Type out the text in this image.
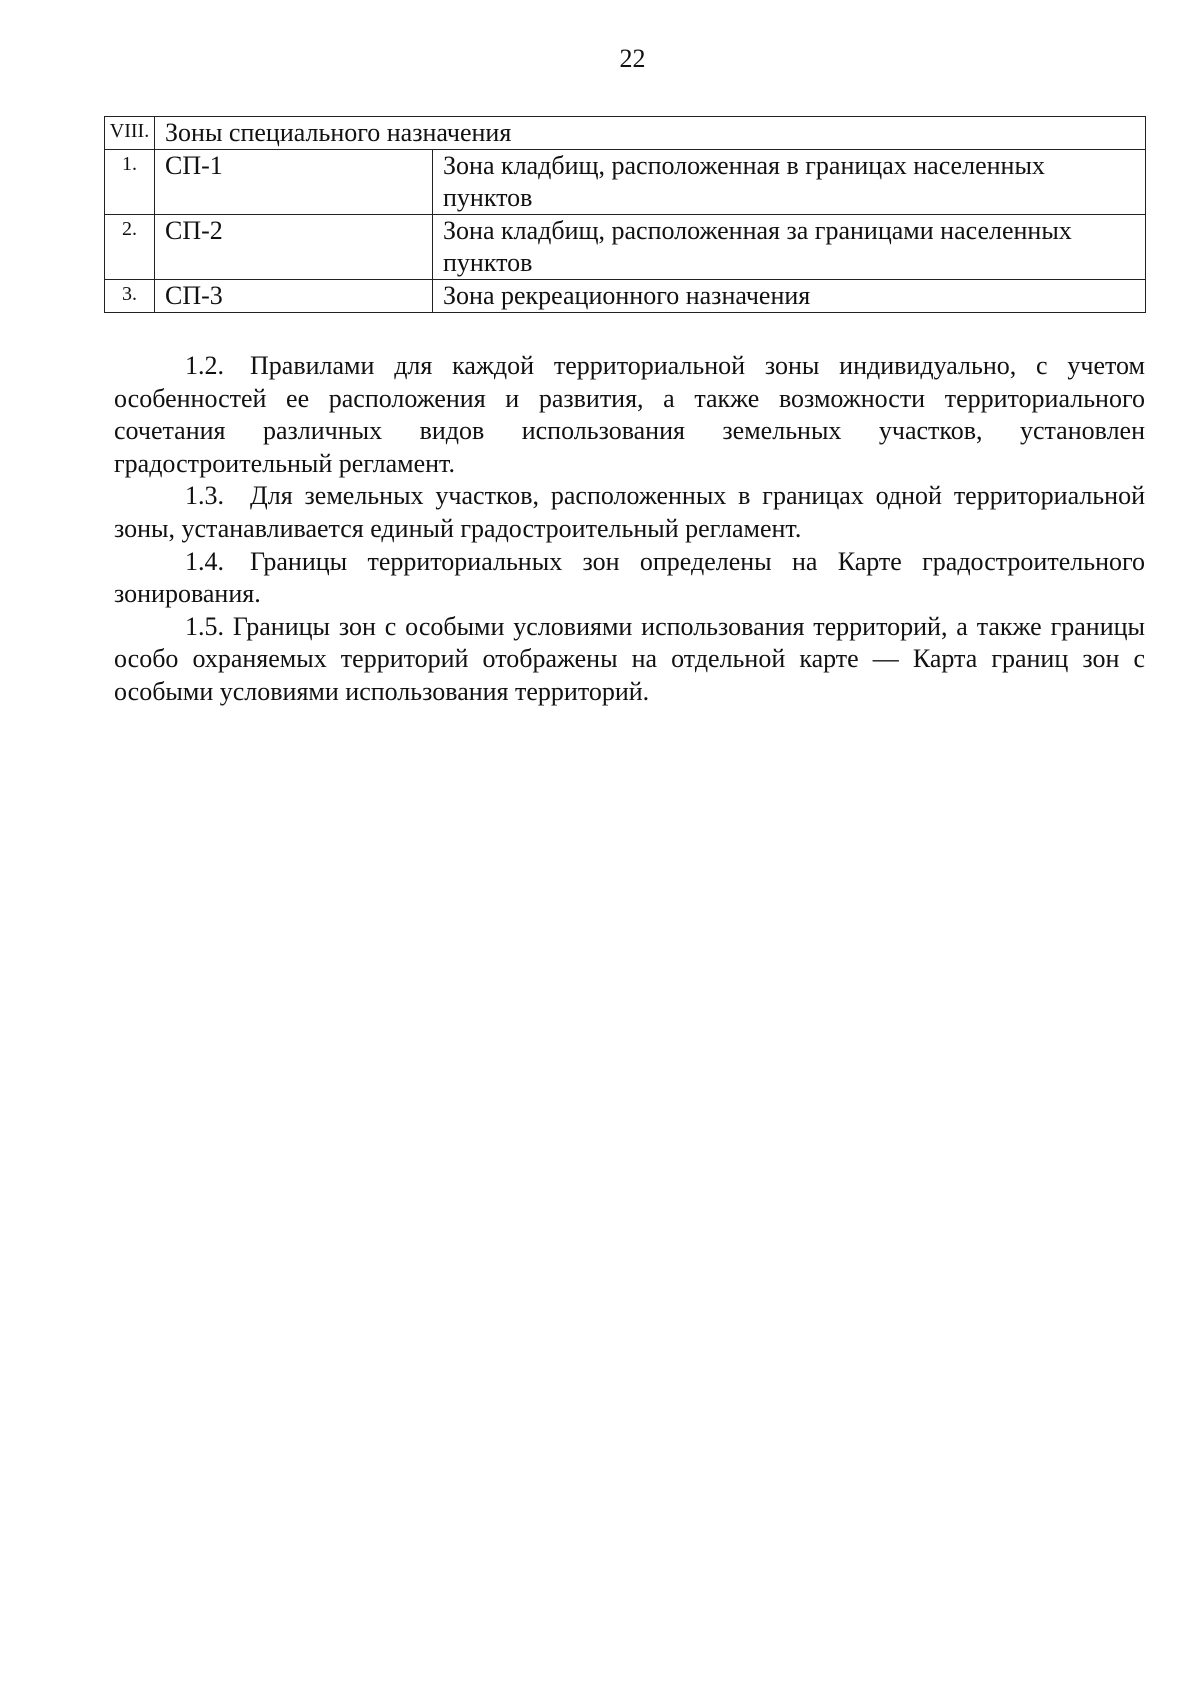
22
VIII.	Зоны специального назначения	
1.	СП-1	Зона кладбищ, расположенная в границах населенных пунктов
2.	СП-2	Зона кладбищ, расположенная за границами населенных пунктов
3.	СП-3	Зона рекреационного назначения

1.2. Правилами для каждой территориальной зоны индивидуально, с учетом особенностей ее расположения и развития, а также возможности территориального сочетания различных видов использования земельных участков, установлен градостроительный регламент.

1.3. Для земельных участков, расположенных в границах одной территориальной зоны, устанавливается единый градостроительный регламент.

1.4. Границы территориальных зон определены на Карте градостроительного зонирования.

1.5. Границы зон с особыми условиями использования территорий, а также границы особо охраняемых территорий отображены на отдельной карте — Карта границ зон с особыми условиями использования территорий.
